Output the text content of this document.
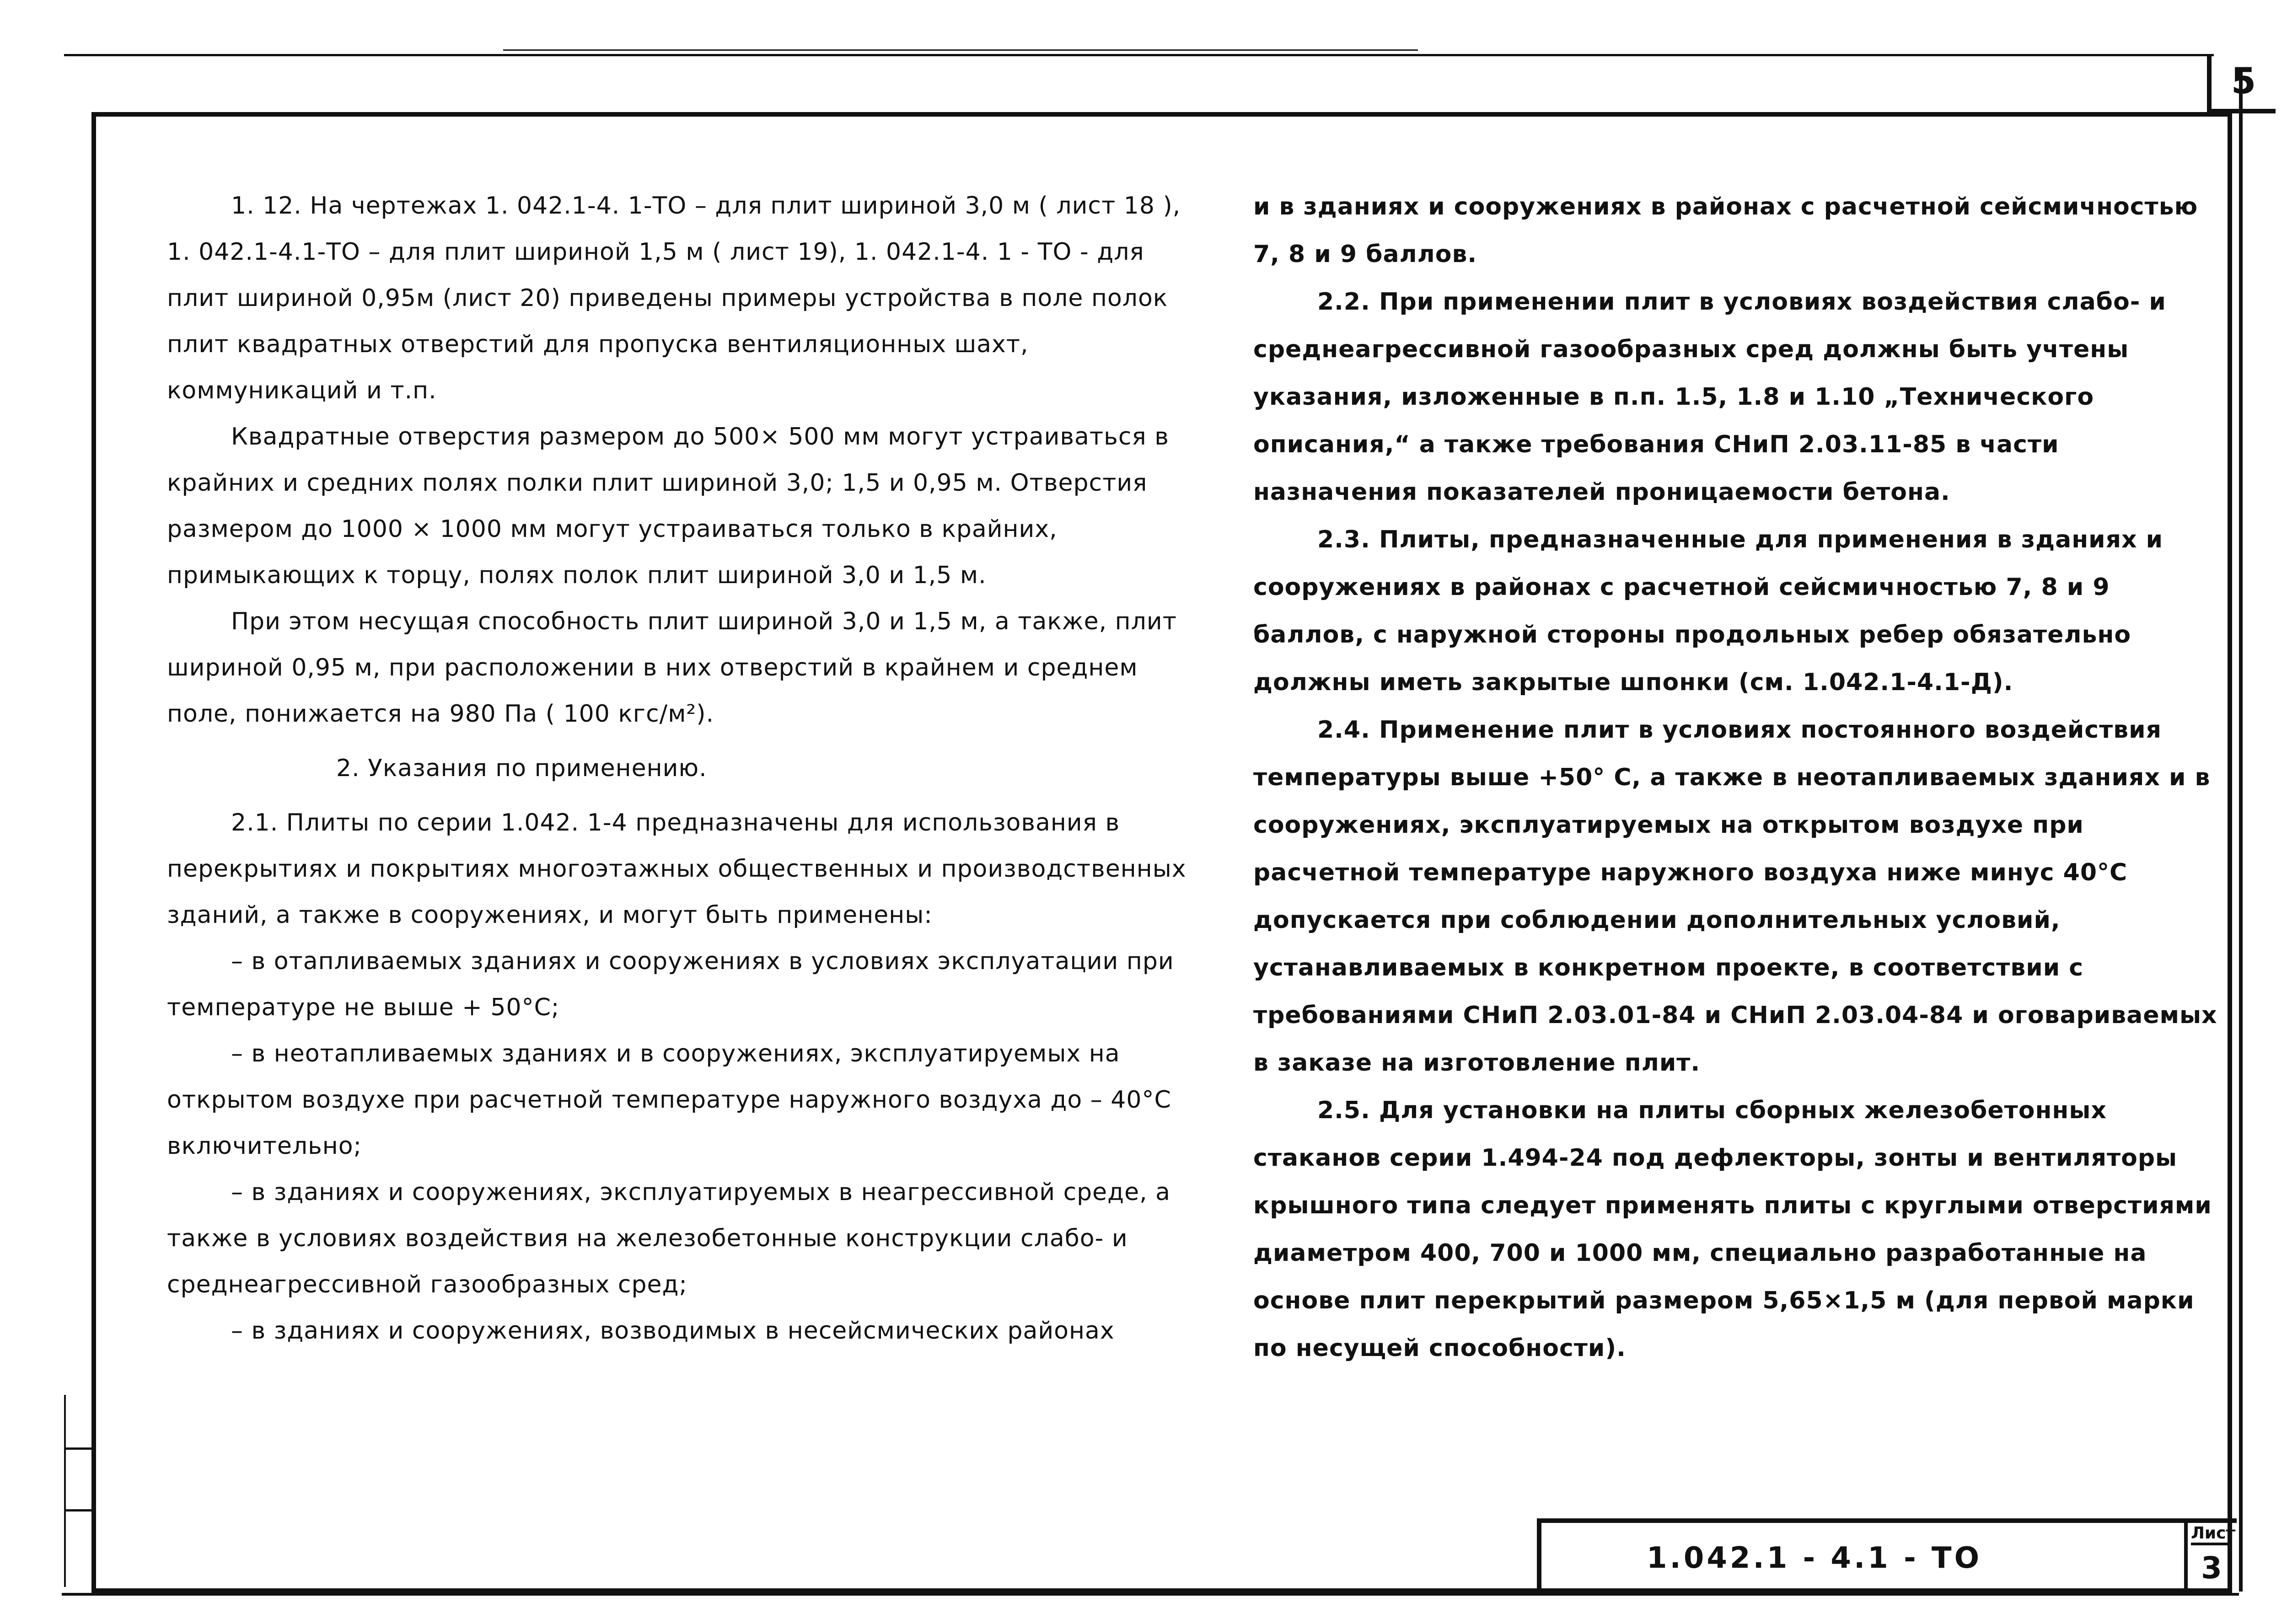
5

1. 12. На чертежах 1. 042.1-4. 1-ТО – для плит шириной 3,0 м ( лист 18 ), 1. 042.1-4.1-ТО – для плит шириной 1,5 м ( лист 19), 1. 042.1-4. 1 - ТО - для плит шириной 0,95м (лист 20) приведены примеры устройства в поле полок плит квадратных отверстий для пропуска вентиляционных шахт, коммуникаций и т.п.

Квадратные отверстия размером до 500× 500 мм могут устраиваться в крайних и средних полях полки плит шириной 3,0; 1,5 и 0,95 м. Отверстия размером до 1000 × 1000 мм могут устраиваться только в крайних, примыкающих к торцу, полях полок плит шириной 3,0 и 1,5 м.

При этом несущая способность плит шириной 3,0 и 1,5 м, а также, плит шириной 0,95 м, при расположении в них отверстий в крайнем и среднем поле, понижается на 980 Па ( 100 кгс/м²).

2. Указания по применению.

2.1. Плиты по серии 1.042. 1-4 предназначены для использования в перекрытиях и покрытиях многоэтажных общественных и производственных зданий, а также в сооружениях, и могут быть применены:

– в отапливаемых зданиях и сооружениях в условиях эксплуатации при температуре не выше + 50°С;

– в неотапливаемых зданиях и в сооружениях, эксплуатируемых на открытом воздухе при расчетной температуре наружного воздуха до – 40°С включительно;

– в зданиях и сооружениях, эксплуатируемых в неагрессивной среде, а также в условиях воздействия на железобетонные конструкции слабо- и среднеагрессивной газообразных сред;

– в зданиях и сооружениях, возводимых в несейсмических районах

и в зданиях и сооружениях в районах с расчетной сейсмичностью 7, 8 и 9 баллов.

2.2. При применении плит в условиях воздействия слабо- и среднеагрессивной газообразных сред должны быть учтены указания, изложенные в п.п. 1.5, 1.8 и 1.10 „Технического описания,“ а также требования СНиП 2.03.11-85 в части назначения показателей проницаемости бетона.

2.3. Плиты, предназначенные для применения в зданиях и сооружениях в районах с расчетной сейсмичностью 7, 8 и 9 баллов, с наружной стороны продольных ребер обязательно должны иметь закрытые шпонки (см. 1.042.1-4.1-Д).

2.4. Применение плит в условиях постоянного воздействия температуры выше +50° С, а также в неотапливаемых зданиях и в сооружениях, эксплуатируемых на открытом воздухе при расчетной температуре наружного воздуха ниже минус 40°С допускается при соблюдении дополнительных условий, устанавливаемых в конкретном проекте, в соответствии с требованиями СНиП 2.03.01-84 и СНиП 2.03.04-84 и оговариваемых в заказе на изготовление плит.

2.5. Для установки на плиты сборных железобетонных стаканов серии 1.494-24 под дефлекторы, зонты и вентиляторы крышного типа следует применять плиты с круглыми отверстиями диаметром 400, 700 и 1000 мм, специально разработанные на основе плит перекрытий размером 5,65×1,5 м (для первой марки по несущей способности).

1.042.1 - 4.1 - ТО
Лист
3
